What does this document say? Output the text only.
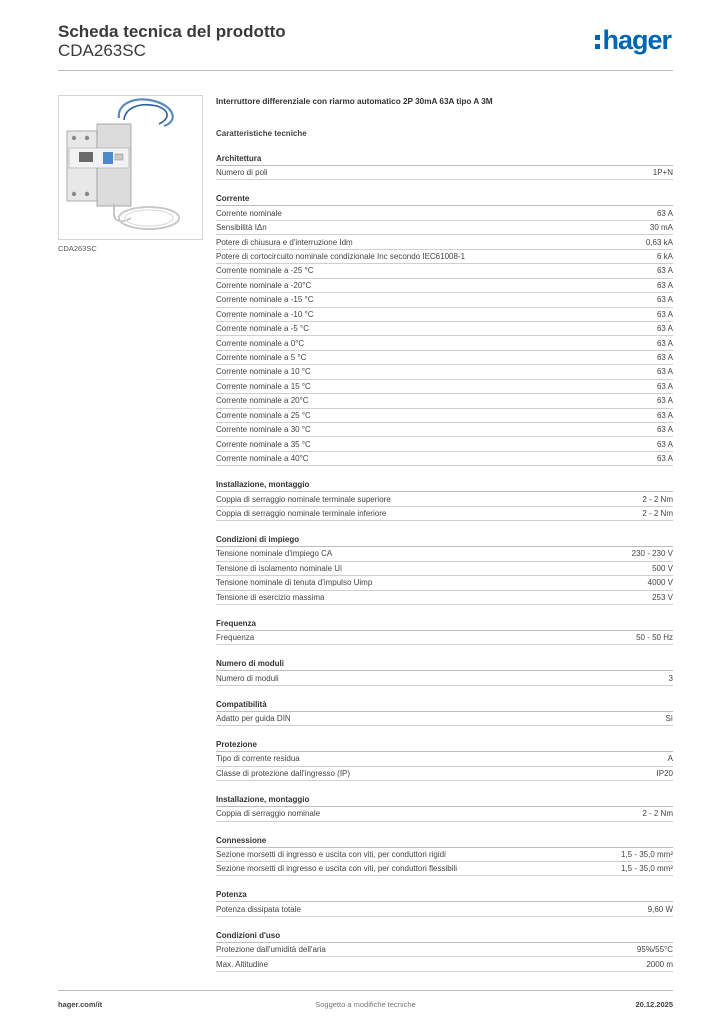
Scheda tecnica del prodotto
CDA263SC	hager
CDA263SC
Interruttore differenziale con riarmo automatico 2P 30mA 63A tipo A 3M
Caratteristiche tecniche
Architettura
Numero di poli	1P+N
Corrente
Corrente nominale	63 A
Sensibilità IΔn	30 mA
Potere di chiusura e d'interruzione Idm	0,63 kA
Potere di cortocircuito nominale condizionale Inc secondo IEC61008-1	6 kA
Corrente nominale a -25 °C	63 A
Corrente nominale a -20°C	63 A
Corrente nominale a -15 °C	63 A
Corrente nominale a -10 °C	63 A
Corrente nominale a -5 °C	63 A
Corrente nominale a 0°C	63 A
Corrente nominale a 5 °C	63 A
Corrente nominale a 10 °C	63 A
Corrente nominale a 15 °C	63 A
Corrente nominale a 20°C	63 A
Corrente nominale a 25 °C	63 A
Corrente nominale a 30 °C	63 A
Corrente nominale a 35 °C	63 A
Corrente nominale a 40°C	63 A
Installazione, montaggio
Coppia di serraggio nominale terminale superiore	2 - 2 Nm
Coppia di serraggio nominale terminale inferiore	2 - 2 Nm
Condizioni di impiego
Tensione nominale d'impiego CA	230 - 230 V
Tensione di isolamento nominale Ui	500 V
Tensione nominale di tenuta d'impulso Uimp	4000 V
Tensione di esercizio massima	253 V
Frequenza
Frequenza	50 - 50 Hz
Numero di moduli
Numero di moduli	3
Compatibilità
Adatto per guida DIN	Sì
Protezione
Tipo di corrente residua	A
Classe di protezione dall'ingresso (IP)	IP20
Installazione, montaggio
Coppia di serraggio nominale	2 - 2 Nm
Connessione
Sezione morsetti di ingresso e uscita con viti, per conduttori rigidi	1,5 - 35,0 mm²
Sezione morsetti di ingresso e uscita con viti, per conduttori flessibili	1,5 - 35,0 mm²
Potenza
Potenza dissipata totale	9,60 W
Condizioni d'uso
Protezione dall'umidità dell'aria	95%/55°C
Max. Altitudine	2000 m
hager.com/it	Soggetto a modifiche tecniche	20.12.2025
